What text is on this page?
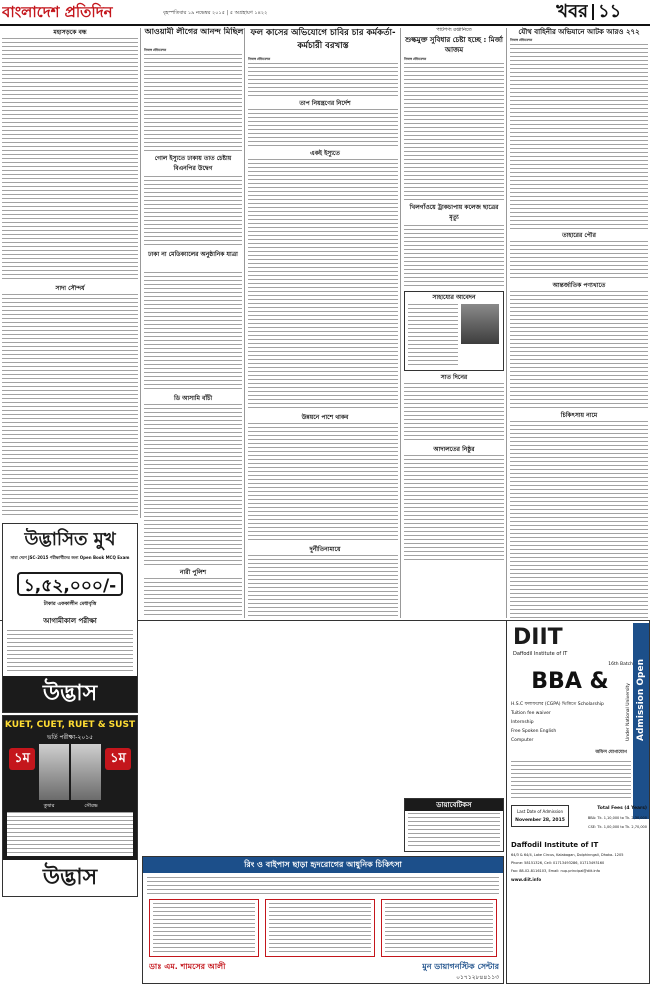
বাংলাদেশ প্রতিদিন	বৃহস্পতিবার ১৯ নভেম্বর ২০১৫ | ৫ অগ্রহায়ণ ১৪২২	খবর ১১
মহাসড়কে বন্ধ
সাদা সৌন্দর্য
আওয়ামী লীগের আনন্দ মিছিল
নিজস্ব প্রতিবেদক
গোল ইস্যুতে ঢাকায় তাত চেষ্টায় বিএনপির উদ্বেগ
ঢাকা না মেডিক্যালের অনুষ্ঠানিক যাত্রা
ডি আসামি বাঁচী
নারী পুলিশ
ফল কাসের অভিযোগে চাবির চার কর্মকর্তা-কর্মচারী বরখাস্ত
নিজস্ব প্রতিবেদক
তাপ নিয়ন্ত্রণের নির্দেশ
একই ইস্যুতে
উন্নয়নে পাশে থাকব
দুর্নীতিনামায়ে
পাটপণ্য রপ্তানিতে
শুল্কমুক্ত সুবিধার চেষ্টা হচ্ছে : মির্জা আজম
নিজস্ব প্রতিবেদক
খিলগাঁওয়ে ট্রাকচাপায় কলেজ ছাত্রের মৃত্যু
সাহায্যের আবেদন
সাত দিনের
আদালতের নিষ্ঠুর
যৌথ বাহিনীর অভিযানে আটক আরও ২৭২
নিজস্ব প্রতিবেদক
তাহারের পৌর
আন্তর্জাতিক পণ্যখাতে
চিকিৎসায় নামে
উদ্ভাসিত মুখ
সারা দেশে JSC-2015 পরীক্ষার্থীদের জন্য Open Book MCQ Exam
১,৫২,০০০/-
টাকার এককালীন মেধাবৃত্তি
আগামীকাল পরীক্ষা
উদ্ভাস
KUET, CUET, RUET & SUST
ভর্তি পরীক্ষা-২০১৫
১ম	১ম
তুষার	সৌরভ
উদ্ভাস
রিং ও বাইপাস ছাড়া হৃদরোগের আধুনিক চিকিৎসা
ডাঃ এম. শামসের আলী	মুন ডায়াগনস্টিক সেন্টার
০১৭১২৮৪৪১১৩
ডায়াবেটিকস
DIIT
Daffodil Institute of IT
16th Batch
BBA &	Admission Open
Under National University
H.S.C ফলাফলের (CGPA) ভিত্তিতে Scholarship
Tuition fee waiver
Internship
Free Spoken English
Computer
অফিস যোগাযোগ
Last Date of Admission
November 28, 2015
Total Fees (4 Years)
BBA: Tk. 1,10,000 to Tk. 2,30,000
CSE: Tk. 1,00,000 to Tk. 2,70,000
Daffodil Institute of IT
64/3 & 64/4, Lake Circus, Kalabagan, Dolphinngali, Dhaka- 1205
Phone: 58151326, Cell: 01713493286, 01713493160
Fax: 88-02-8116103, Email: nup.principal@diit.info
www.diit.info
